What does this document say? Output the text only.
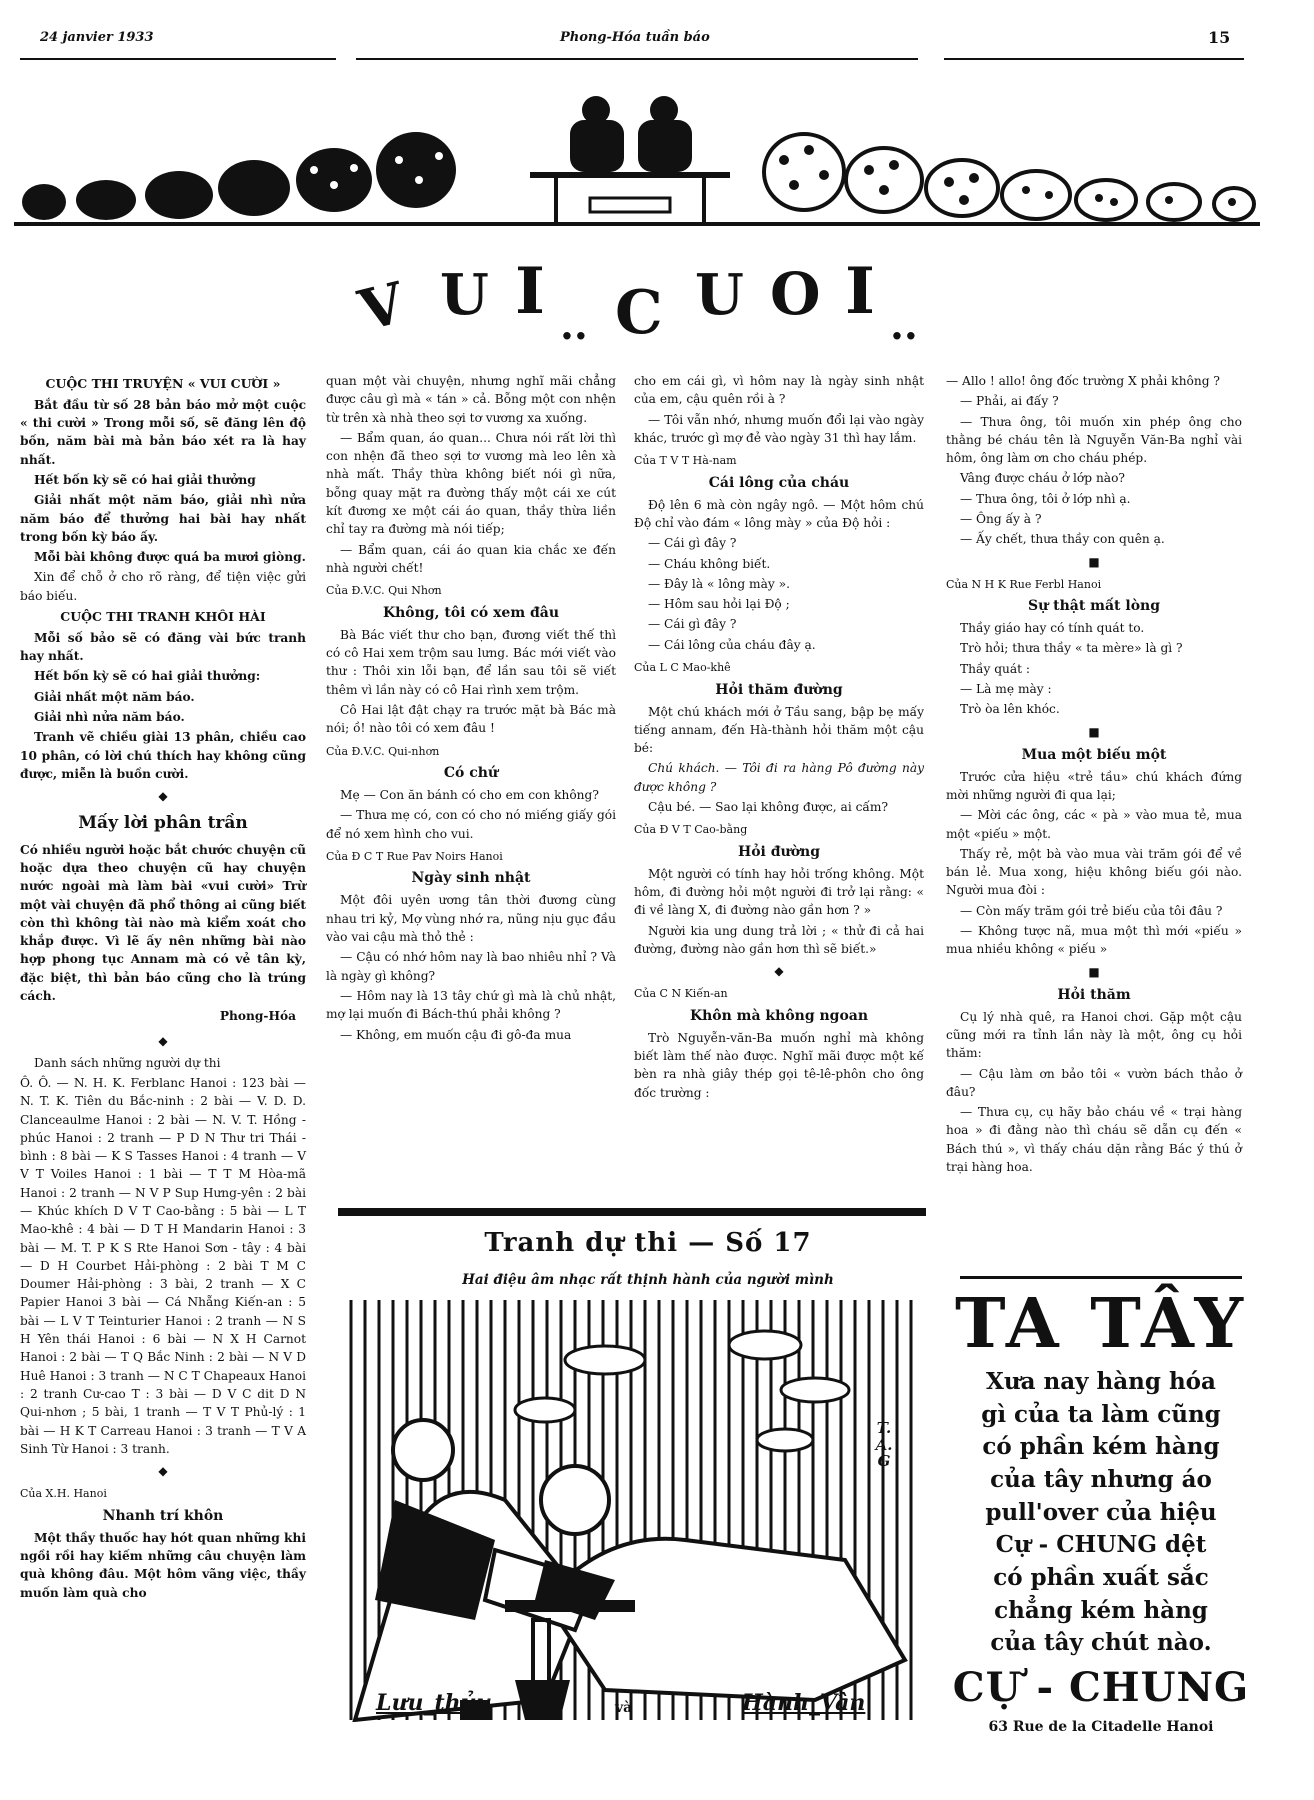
24 janvier 1933	Phong-Hóa tuần báo	15
V U I .. C U O I ..
CUỘC THI TRUYỆN « VUI CƯỜI »

Bắt đầu từ số 28 bản báo mở một cuộc « thi cười » Trong mỗi số, sẽ đăng lên độ bốn, năm bài mà bản báo xét ra là hay nhất.

Hết bốn kỳ sẽ có hai giải thưởng

Giải nhất một năm báo, giải nhì nửa năm báo để thưởng hai bài hay nhất trong bốn kỳ báo ấy.

Mỗi bài không được quá ba mươi giòng.

Xin để chỗ ở cho rõ ràng, để tiện việc gửi báo biếu.

CUỘC THI TRANH KHÔI HÀI

Mỗi số bảo sẽ có đăng vài bức tranh hay nhất.

Hết bốn kỳ sẽ có hai giải thưởng:

Giải nhất một năm báo.

Giải nhì nửa năm báo.

Tranh vẽ chiều giài 13 phân, chiều cao 10 phân, có lời chú thích hay không cũng được, miễn là buồn cười.

◆
Mấy lời phân trần

Có nhiều người hoặc bắt chước chuyện cũ hoặc dựa theo chuyện cũ hay chuyện nước ngoài mà làm bài «vui cười» Trừ một vài chuyện đã phổ thông ai cũng biết còn thì không tài nào mà kiểm xoát cho khắp được. Vì lẽ ấy nên những bài nào hợp phong tục Annam mà có vẻ tân kỳ, đặc biệt, thì bản báo cũng cho là trúng cách.

Phong-Hóa
◆

Danh sách những người dự thi

Ô. Ô. — N. H. K. Ferblanc Hanoi : 123 bài — N. T. K. Tiên du Bắc-ninh : 2 bài — V. D. D. Clanceaulme Hanoi : 2 bài — N. V. T. Hồng - phúc Hanoi : 2 tranh — P D N Thư tri Thái - bình : 8 bài — K S Tasses Hanoi : 4 tranh — V V T Voiles Hanoi : 1 bài — T T M Hòa-mã Hanoi : 2 tranh — N V P Sup Hưng-yên : 2 bài — Khúc khích D V T Cao-bằng : 5 bài — L T Mao-khê : 4 bài — D T H Mandarin Hanoi : 3 bài — M. T. P K S Rte Hanoi Sơn - tây : 4 bài — D H Courbet Hải-phòng : 2 bài T M C Doumer Hải-phòng : 3 bài, 2 tranh — X C Papier Hanoi 3 bài — Cá Nhẵng Kiến-an : 5 bài — L V T Teinturier Hanoi : 2 tranh — N S H Yên thái Hanoi : 6 bài — N X H Carnot Hanoi : 2 bài — T Q Bắc Ninh : 2 bài — N V D Huê Hanoi : 3 tranh — N C T Chapeaux Hanoi : 2 tranh Cư-cao T : 3 bài — D V C dit D N Qui-nhơn ; 5 bài, 1 tranh — T V T Phủ-lý : 1 bài — H K T Carreau Hanoi : 3 tranh — T V A Sinh Từ Hanoi : 3 tranh.

◆
Của X.H. Hanoi
Nhanh trí khôn

Một thầy thuốc hay hót quan những khi ngồi rồi hay kiếm những câu chuyện làm quà không đâu. Một hôm vãng việc, thầy muốn làm quà cho

quan một vài chuyện, nhưng nghĩ mãi chẳng được câu gì mà « tán » cả. Bỗng một con nhện từ trên xà nhà theo sợi tơ vương xa xuống.

— Bẩm quan, áo quan... Chưa nói rất lời thì con nhện đã theo sợi tơ vương mà leo lên xà nhà mất. Thầy thừa không biết nói gì nữa, bỗng quay mặt ra đường thấy một cái xe cút kít đương xe một cái áo quan, thầy thừa liền chỉ tay ra đường mà nói tiếp;

— Bẩm quan, cái áo quan kia chắc xe đến nhà người chết!

Của Đ.V.C. Qui Nhơn
Không, tôi có xem đâu

Bà Bác viết thư cho bạn, đương viết thế thì có cô Hai xem trộm sau lưng. Bác mới viết vào thư : Thôi xin lỗi bạn, để lần sau tôi sẽ viết thêm vì lần này có cô Hai rình xem trộm.

Cô Hai lật đật chạy ra trước mặt bà Bác mà nói; ồ! nào tôi có xem đâu !

Của Đ.V.C. Qui-nhơn
Có chứ

Mẹ — Con ăn bánh có cho em con không?

— Thưa mẹ có, con có cho nó miếng giấy gói để nó xem hình cho vui.

Của Đ C T Rue Pav Noirs Hanoi
Ngày sinh nhật

Một đôi uyên ương tân thời đương cùng nhau tri kỷ, Mợ vùng nhớ ra, nũng nịu gục đầu vào vai cậu mà thỏ thẻ :

— Cậu có nhớ hôm nay là bao nhiêu nhỉ ? Và là ngày gì không?

— Hôm nay là 13 tây chứ gì mà là chủ nhật, mợ lại muốn đi Bách-thú phải không ?

— Không, em muốn cậu đi gô-đa mua

cho em cái gì, vì hôm nay là ngày sinh nhật của em, cậu quên rồi à ?

— Tôi vẫn nhớ, nhưng muốn đổi lại vào ngày khác, trước gì mợ đẻ vào ngày 31 thì hay lắm.

Của T V T Hà-nam
Cái lông của cháu

Độ lên 6 mà còn ngây ngô. — Một hôm chú Độ chỉ vào đám « lông mày » của Độ hỏi :

— Cái gì đây ?

— Cháu không biết.

— Đây là « lông mày ».

— Hôm sau hỏi lại Độ ;

— Cái gì đây ?

— Cái lông của cháu đây ạ.

Của L C Mao-khê
Hỏi thăm đường

Một chú khách mới ở Tầu sang, bập bẹ mấy tiếng annam, đến Hà-thành hỏi thăm một cậu bé:

Chú khách. — Tôi đi ra hàng Pô đường này được không ?

Cậu bé. — Sao lại không được, ai cấm?

Của Đ V T Cao-bằng
Hỏi đường

Một người có tính hay hỏi trống không. Một hôm, đi đường hỏi một người đi trở lại rằng: « đi về làng X, đi đường nào gần hơn ? »

Người kia ung dung trả lời ; « thử đi cả hai đường, đường nào gần hơn thì sẽ biết.»

◆
Của C N Kiến-an
Khôn mà không ngoan

Trò Nguyễn-văn-Ba muốn nghỉ mà không biết làm thế nào được. Nghĩ mãi được một kế bèn ra nhà giây thép gọi tê-lê-phôn cho ông đốc trường :

— Allo ! allo! ông đốc trường X phải không ?

— Phải, ai đấy ?

— Thưa ông, tôi muốn xin phép ông cho thằng bé cháu tên là Nguyễn Văn-Ba nghỉ vài hôm, ông làm ơn cho cháu phép.

Vâng được cháu ở lớp nào?

— Thưa ông, tôi ở lớp nhì ạ.

— Ông ấy à ?

— Ấy chết, thưa thầy con quên ạ.

■
Của N H K Rue Ferbl Hanoi
Sự thật mất lòng

Thầy giáo hay có tính quát to.

Trò hỏi; thưa thầy « ta mère» là gì ?

Thầy quát :

— Là mẹ mày :

Trò òa lên khóc.

■
Mua một biếu một

Trước cửa hiệu «trẻ tầu» chú khách đứng mời những người đi qua lại;

— Mời các ông, các « pà » vào mua tẻ, mua một «piếu » một.

Thấy rẻ, một bà vào mua vài trăm gói để về bán lẻ. Mua xong, hiệu không biếu gói nào. Người mua đòi :

— Còn mấy trăm gói trẻ biếu của tôi đâu ?

— Không tược nã, mua một thì mới «piếu » mua nhiều không « piếu »

■
Hỏi thăm

Cụ lý nhà quê, ra Hanoi chơi. Gặp một cậu cũng mới ra tỉnh lần này là một, ông cụ hỏi thăm:

— Cậu làm ơn bảo tôi « vườn bách thảo ở đâu?

— Thưa cụ, cụ hãy bảo cháu về « trại hàng hoa » đi đằng nào thì cháu sẽ dẫn cụ đến « Bách thú », vì thấy cháu dặn rằng Bác ý thú ở trại hàng hoa.

Tranh dự thi — Số 17
Hai điệu âm nhạc rất thịnh hành của người mình
T.A.G
Lưu_thủy	và	Hành_Vân
TA TÂY
Xưa nay hàng hóa
gì của ta làm cũng
có phần kém hàng
của tây nhưng áo
pull'over của hiệu
Cự - CHUNG dệt
có phần xuất sắc
chẳng kém hàng
của tây chút nào.
CỰ - CHUNG
63 Rue de la Citadelle Hanoi
